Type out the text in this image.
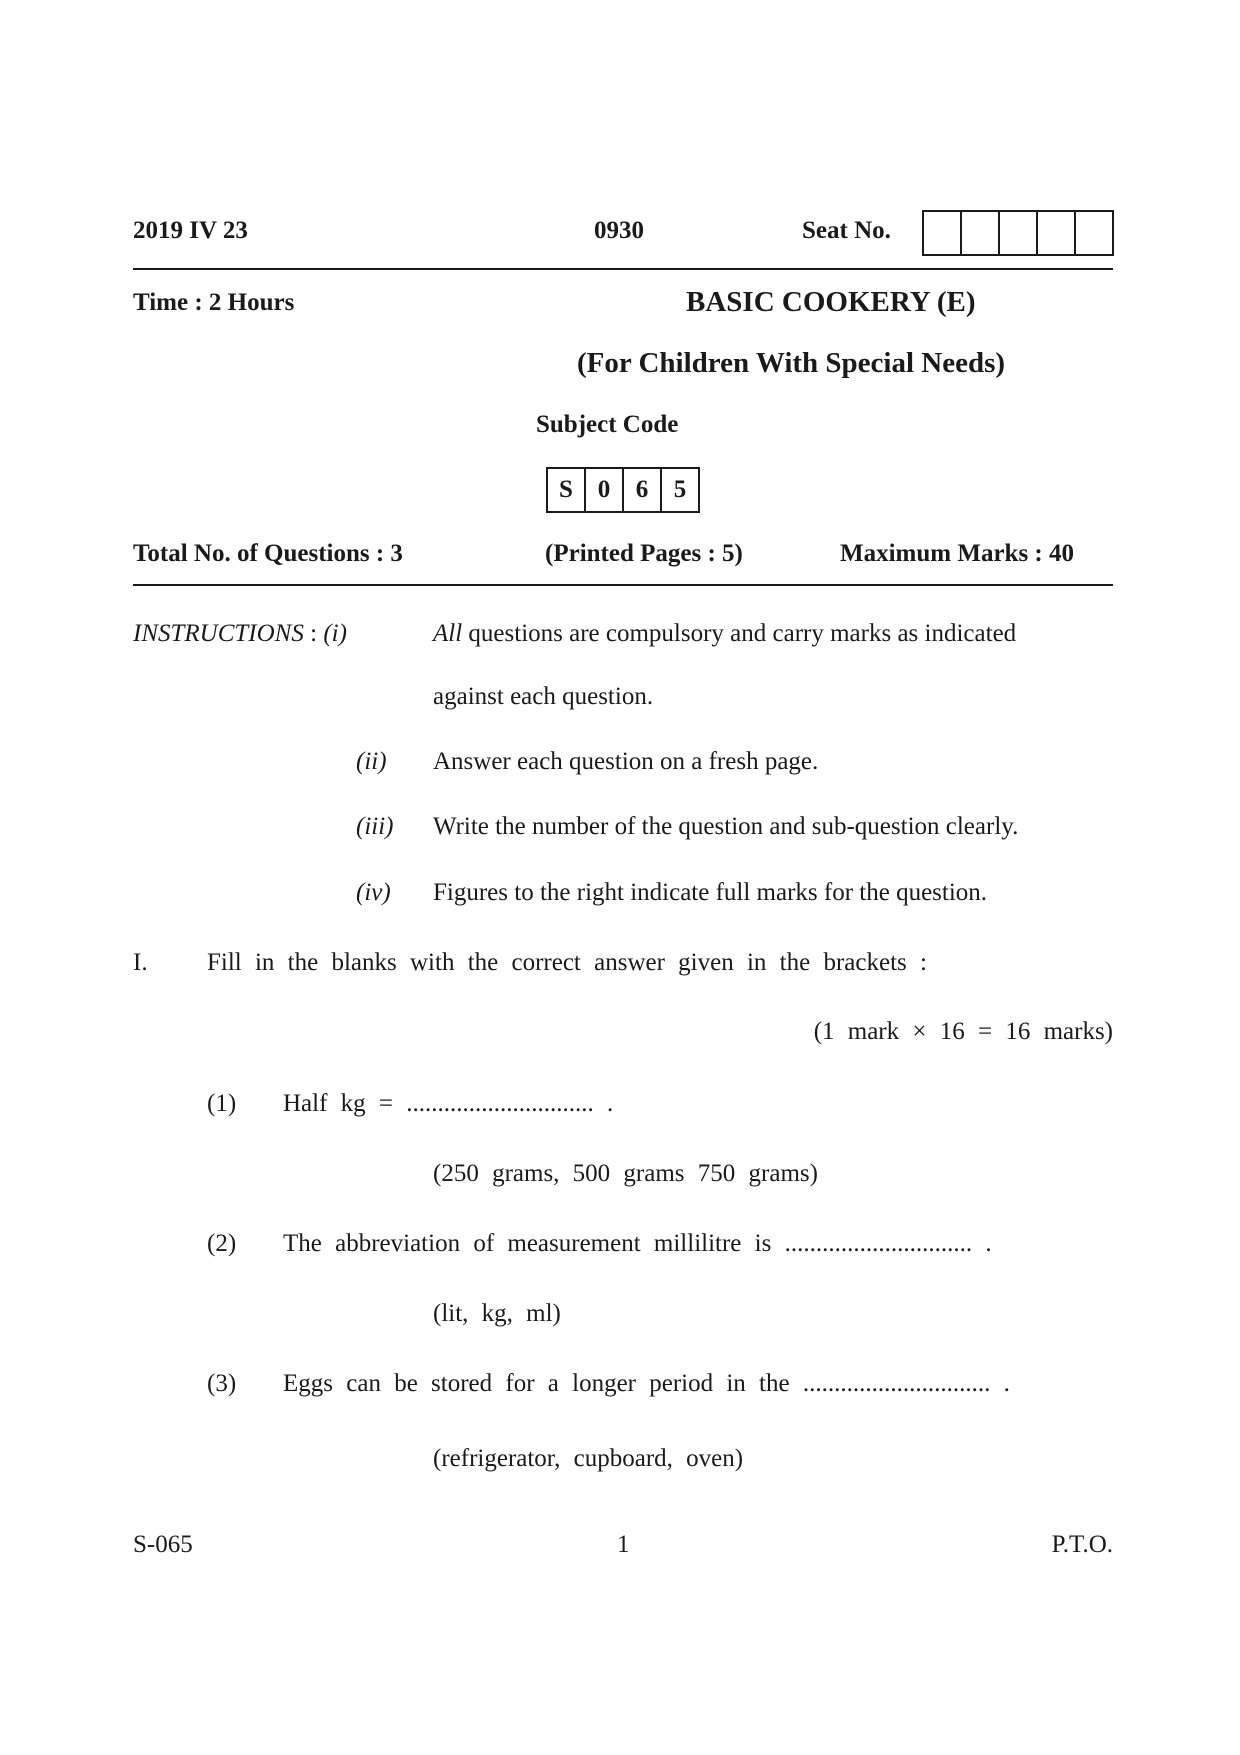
2019 IV 23	0930	Seat No.
Time : 2 Hours	BASIC COOKERY (E)
(For Children With Special Needs)
Subject Code
S 0	6	5
Total No. of Questions : 3	(Printed Pages : 5)	Maximum Marks : 40
INSTRUCTIONS : (i)	All questions are compulsory and carry marks as indicated
against each question.
(ii) Answer each question on a fresh page.
(iii) Write the number of the question and sub-question clearly.
(iv) Figures to the right indicate full marks for the question.
I. Fill in the blanks with the correct answer given in the brackets :
(1 mark × 16 = 16 marks)
(1) Half kg = .............................. .
(250 grams, 500 grams 750 grams)
(2) The abbreviation of measurement millilitre is .............................. .
(lit, kg, ml)
(3) Eggs can be stored for a longer period in the .............................. .
(refrigerator, cupboard, oven)
S-065	1	P.T.O.
